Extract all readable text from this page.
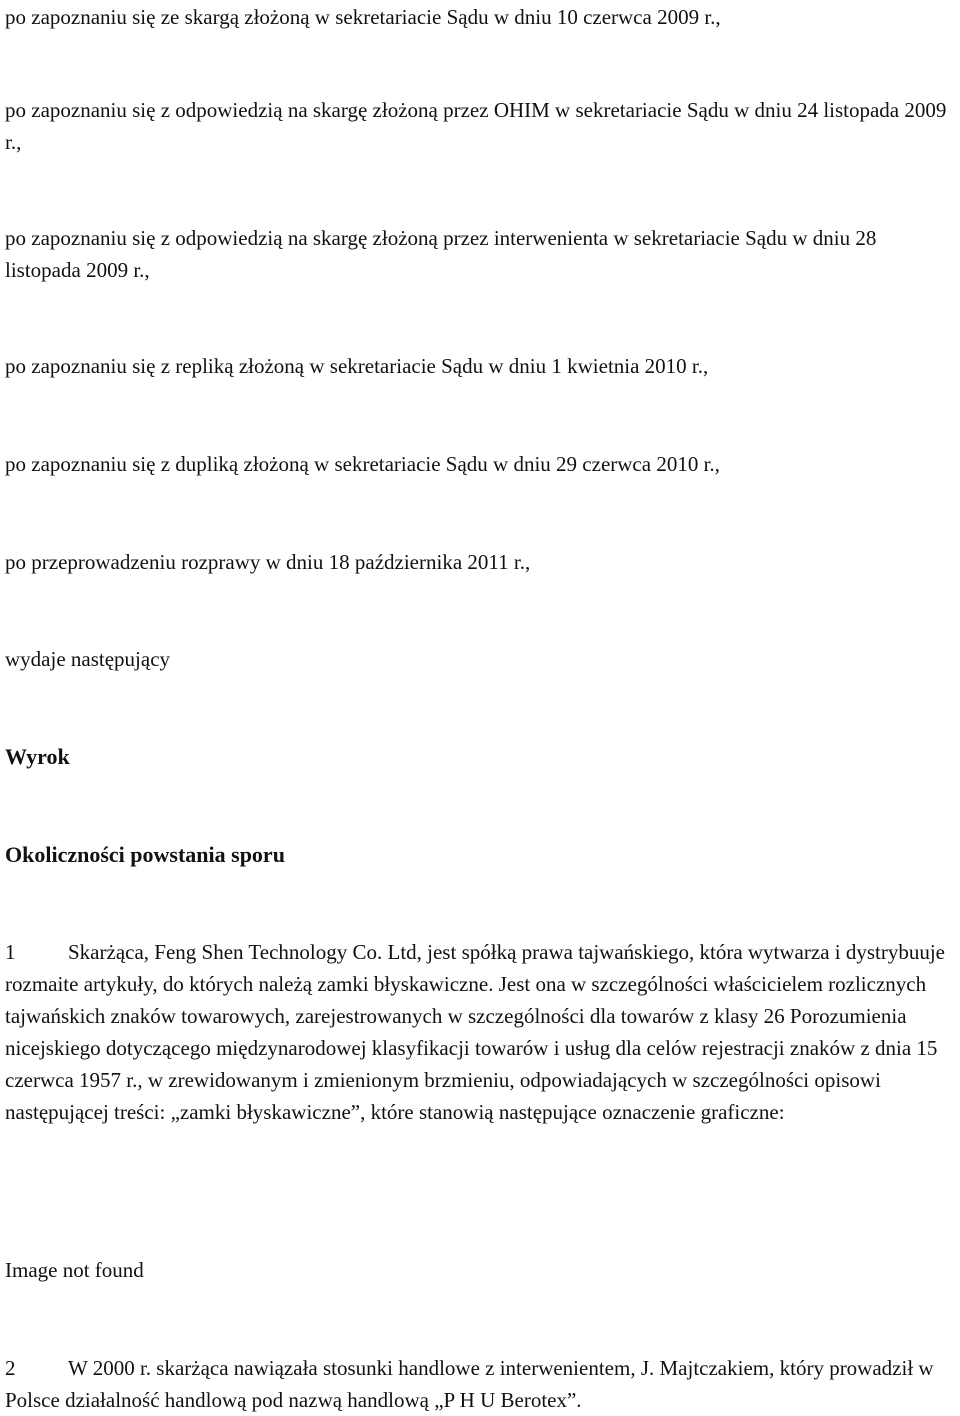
po zapoznaniu się ze skargą złożoną w sekretariacie Sądu w dniu 10 czerwca 2009 r.,

po zapoznaniu się z odpowiedzią na skargę złożoną przez OHIM w sekretariacie Sądu w dniu 24 listopada 2009 r.,

po zapoznaniu się z odpowiedzią na skargę złożoną przez interwenienta w sekretariacie Sądu w dniu 28 listopada 2009 r.,

po zapoznaniu się z repliką złożoną w sekretariacie Sądu w dniu 1 kwietnia 2010 r.,

po zapoznaniu się z dupliką złożoną w sekretariacie Sądu w dniu 29 czerwca 2010 r.,

po przeprowadzeniu rozprawy w dniu 18 października 2011 r.,

wydaje następujący

Wyrok

Okoliczności powstania sporu

1	Skarżąca, Feng Shen Technology Co. Ltd, jest spółką prawa tajwańskiego, która wytwarza i dystrybuuje rozmaite artykuły, do których należą zamki błyskawiczne. Jest ona w szczególności właścicielem rozlicznych tajwańskich znaków towarowych, zarejestrowanych w szczególności dla towarów z klasy 26 Porozumienia nicejskiego dotyczącego międzynarodowej klasyfikacji towarów i usług dla celów rejestracji znaków z dnia 15 czerwca 1957 r., w zrewidowanym i zmienionym brzmieniu, odpowiadających w szczególności opisowi następującej treści: „zamki błyskawiczne”, które stanowią następujące oznaczenie graficzne:

Image not found

2	W 2000 r. skarżąca nawiązała stosunki handlowe z interwenientem, J. Majtczakiem, który prowadził w Polsce działalność handlową pod nazwą handlową „P H U Berotex”.
